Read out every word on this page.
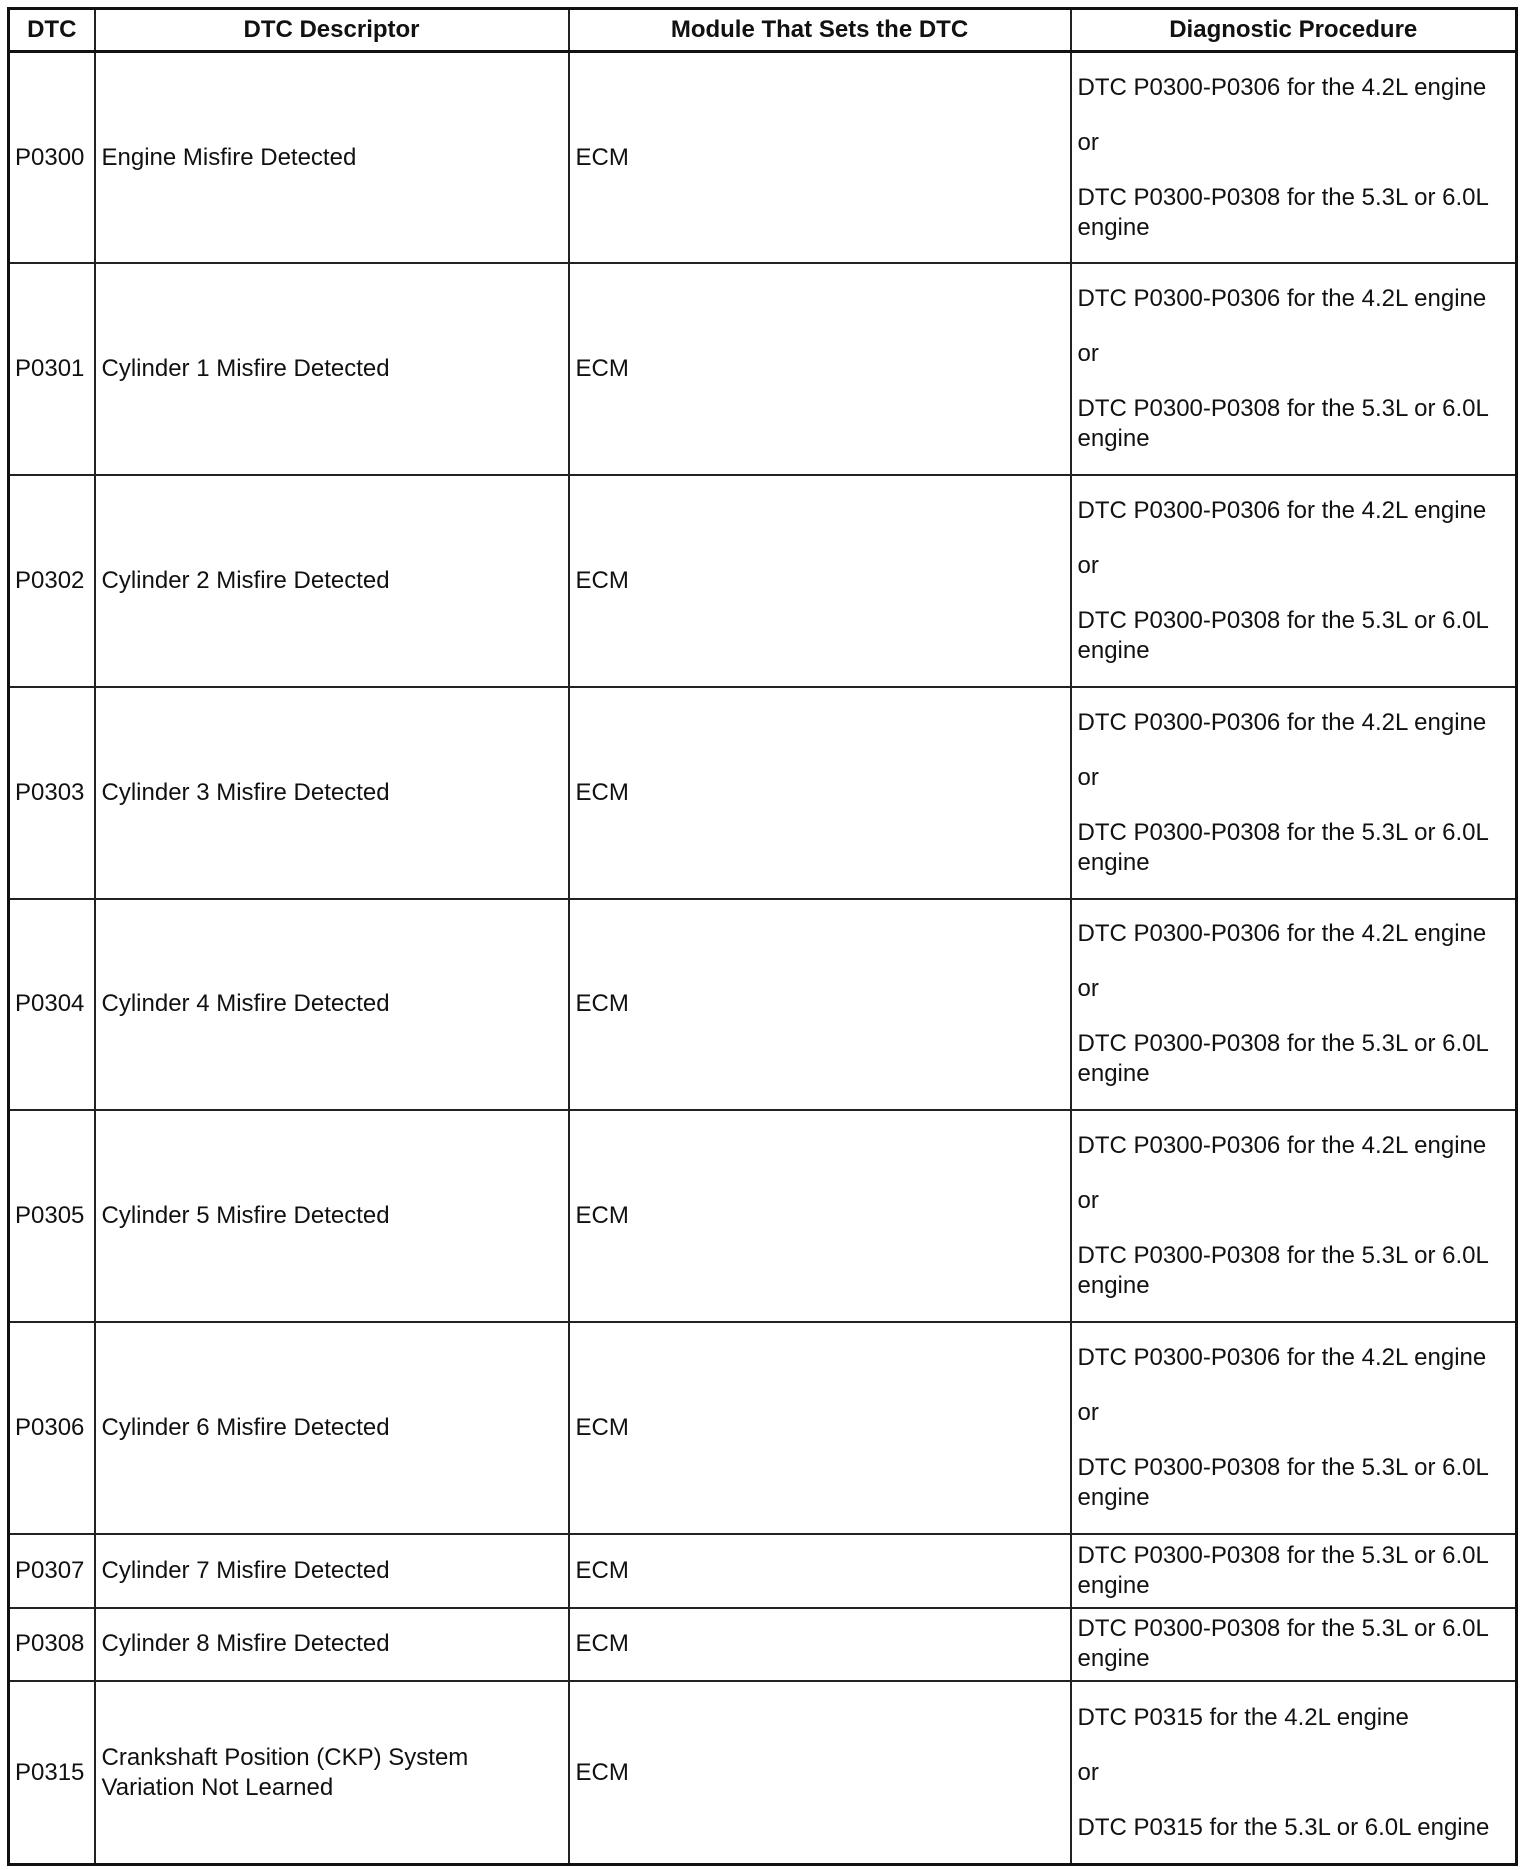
DTC	DTC Descriptor	Module That Sets the DTC	Diagnostic Procedure
P0300	Engine Misfire Detected	ECM	DTC P0300-P0306 for the 4.2L engine
or
DTC P0300-P0308 for the 5.3L or 6.0L engine

P0301	Cylinder 1 Misfire Detected	ECM	DTC P0300-P0306 for the 4.2L engine
or
DTC P0300-P0308 for the 5.3L or 6.0L engine

P0302	Cylinder 2 Misfire Detected	ECM	DTC P0300-P0306 for the 4.2L engine
or
DTC P0300-P0308 for the 5.3L or 6.0L engine

P0303	Cylinder 3 Misfire Detected	ECM	DTC P0300-P0306 for the 4.2L engine
or
DTC P0300-P0308 for the 5.3L or 6.0L engine

P0304	Cylinder 4 Misfire Detected	ECM	DTC P0300-P0306 for the 4.2L engine
or
DTC P0300-P0308 for the 5.3L or 6.0L engine

P0305	Cylinder 5 Misfire Detected	ECM	DTC P0300-P0306 for the 4.2L engine
or
DTC P0300-P0308 for the 5.3L or 6.0L engine

P0306	Cylinder 6 Misfire Detected	ECM	DTC P0300-P0306 for the 4.2L engine
or
DTC P0300-P0308 for the 5.3L or 6.0L engine

P0307	Cylinder 7 Misfire Detected	ECM	DTC P0300-P0308 for the 5.3L or 6.0L engine

P0308	Cylinder 8 Misfire Detected	ECM	DTC P0300-P0308 for the 5.3L or 6.0L engine

P0315	Crankshaft Position (CKP) System Variation Not Learned	ECM	DTC P0315 for the 4.2L engine
or
DTC P0315 for the 5.3L or 6.0L engine
